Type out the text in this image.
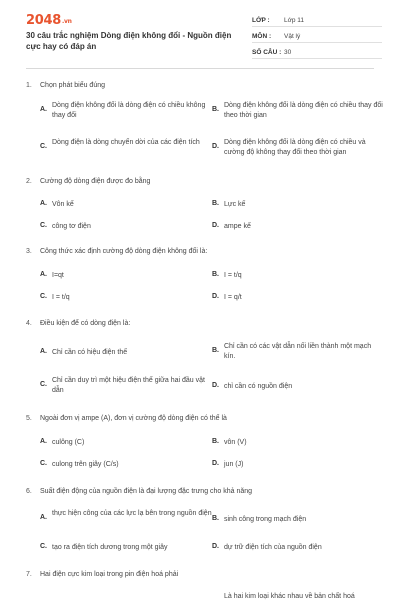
2048.vn
30 câu trắc nghiệm Dòng điện không đổi - Nguồn điện cực hay có đáp án
LỚP : Lớp 11
MÔN : Vật lý
SỐ CÂU : 30
1. Chọn phát biểu đúng
A.
Dòng điện không đổi là dòng điện có chiều không thay đổi
B.
Dòng điện không đổi là dòng điện có chiều thay đổi theo thời gian
C.
Dòng điện là dòng chuyển dời của các điện tích
D.
Dòng điện không đổi là dòng điện có chiều và cường độ không thay đổi theo thời gian
2. Cường độ dòng điện được đo bằng
A. Vôn kế	B. Lực kế
C. công tơ điện	D. ampe kế
3. Công thức xác định cường độ dòng điện không đổi là:
A. I=qt	B. I = t/q
C. I = t/q	D. I = q/t
4. Điều kiện để có dòng điện là:
A. Chỉ cần có hiệu điện thế	B.
Chỉ cần có các vật dẫn nối liền thành một mạch kín.
C.
Chỉ cần duy trì một hiệu điện thế giữa hai đầu vật dẫn
D. chỉ cần có nguồn điện
5. Ngoài đơn vị ampe (A), đơn vị cường độ dòng điện có thể là
A. culông (C)	B. vôn (V)
C. culong trên giây (C/s)	D. jun (J)
6. Suất điện động của nguồn điện là đại lượng đặc trưng cho khả năng
A.
thực hiện công của các lực lạ bên trong nguồn điện
B. sinh công trong mạch điện
C. tạo ra điện tích dương trong một giây	D. dự trữ điện tích của nguồn điện
7. Hai điện cực kim loại trong pin điện hoá phải
Là hai kim loại khác nhau về bản chất hoá
